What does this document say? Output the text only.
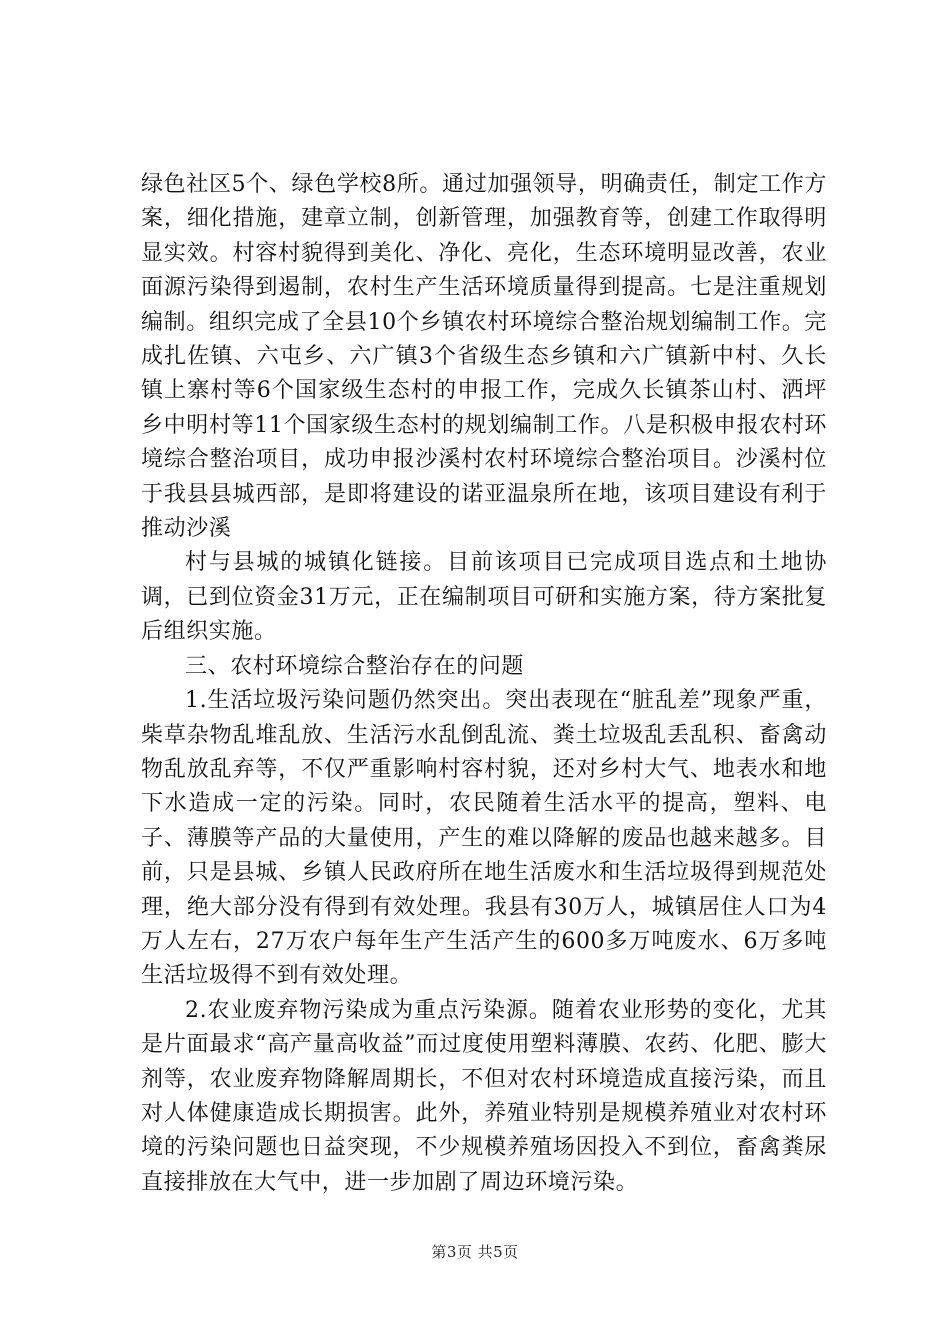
绿色社区5个、绿色学校8所。通过加强领导，明确责任，制定工作方案，细化措施，建章立制，创新管理，加强教育等，创建工作取得明显实效。村容村貌得到美化、净化、亮化，生态环境明显改善，农业面源污染得到遏制，农村生产生活环境质量得到提高。七是注重规划编制。组织完成了全县10个乡镇农村环境综合整治规划编制工作。完成扎佐镇、六屯乡、六广镇3个省级生态乡镇和六广镇新中村、久长镇上寨村等6个国家级生态村的申报工作，完成久长镇茶山村、洒坪乡中明村等11个国家级生态村的规划编制工作。八是积极申报农村环境综合整治项目，成功申报沙溪村农村环境综合整治项目。沙溪村位于我县县城西部，是即将建设的诺亚温泉所在地，该项目建设有利于推动沙溪

村与县城的城镇化链接。目前该项目已完成项目选点和土地协调，已到位资金31万元，正在编制项目可研和实施方案，待方案批复后组织实施。

三、农村环境综合整治存在的问题

1.生活垃圾污染问题仍然突出。突出表现在“脏乱差”现象严重，柴草杂物乱堆乱放、生活污水乱倒乱流、粪土垃圾乱丢乱积、畜禽动物乱放乱弃等，不仅严重影响村容村貌，还对乡村大气、地表水和地下水造成一定的污染。同时，农民随着生活水平的提高，塑料、电子、薄膜等产品的大量使用，产生的难以降解的废品也越来越多。目前，只是县城、乡镇人民政府所在地生活废水和生活垃圾得到规范处理，绝大部分没有得到有效处理。我县有30万人，城镇居住人口为4万人左右，27万农户每年生产生活产生的600多万吨废水、6万多吨生活垃圾得不到有效处理。

2.农业废弃物污染成为重点污染源。随着农业形势的变化，尤其是片面最求“高产量高收益”而过度使用塑料薄膜、农药、化肥、膨大剂等，农业废弃物降解周期长，不但对农村环境造成直接污染，而且对人体健康造成长期损害。此外，养殖业特别是规模养殖业对农村环境的污染问题也日益突现，不少规模养殖场因投入不到位，畜禽粪尿直接排放在大气中，进一步加剧了周边环境污染。

第3页 共5页
